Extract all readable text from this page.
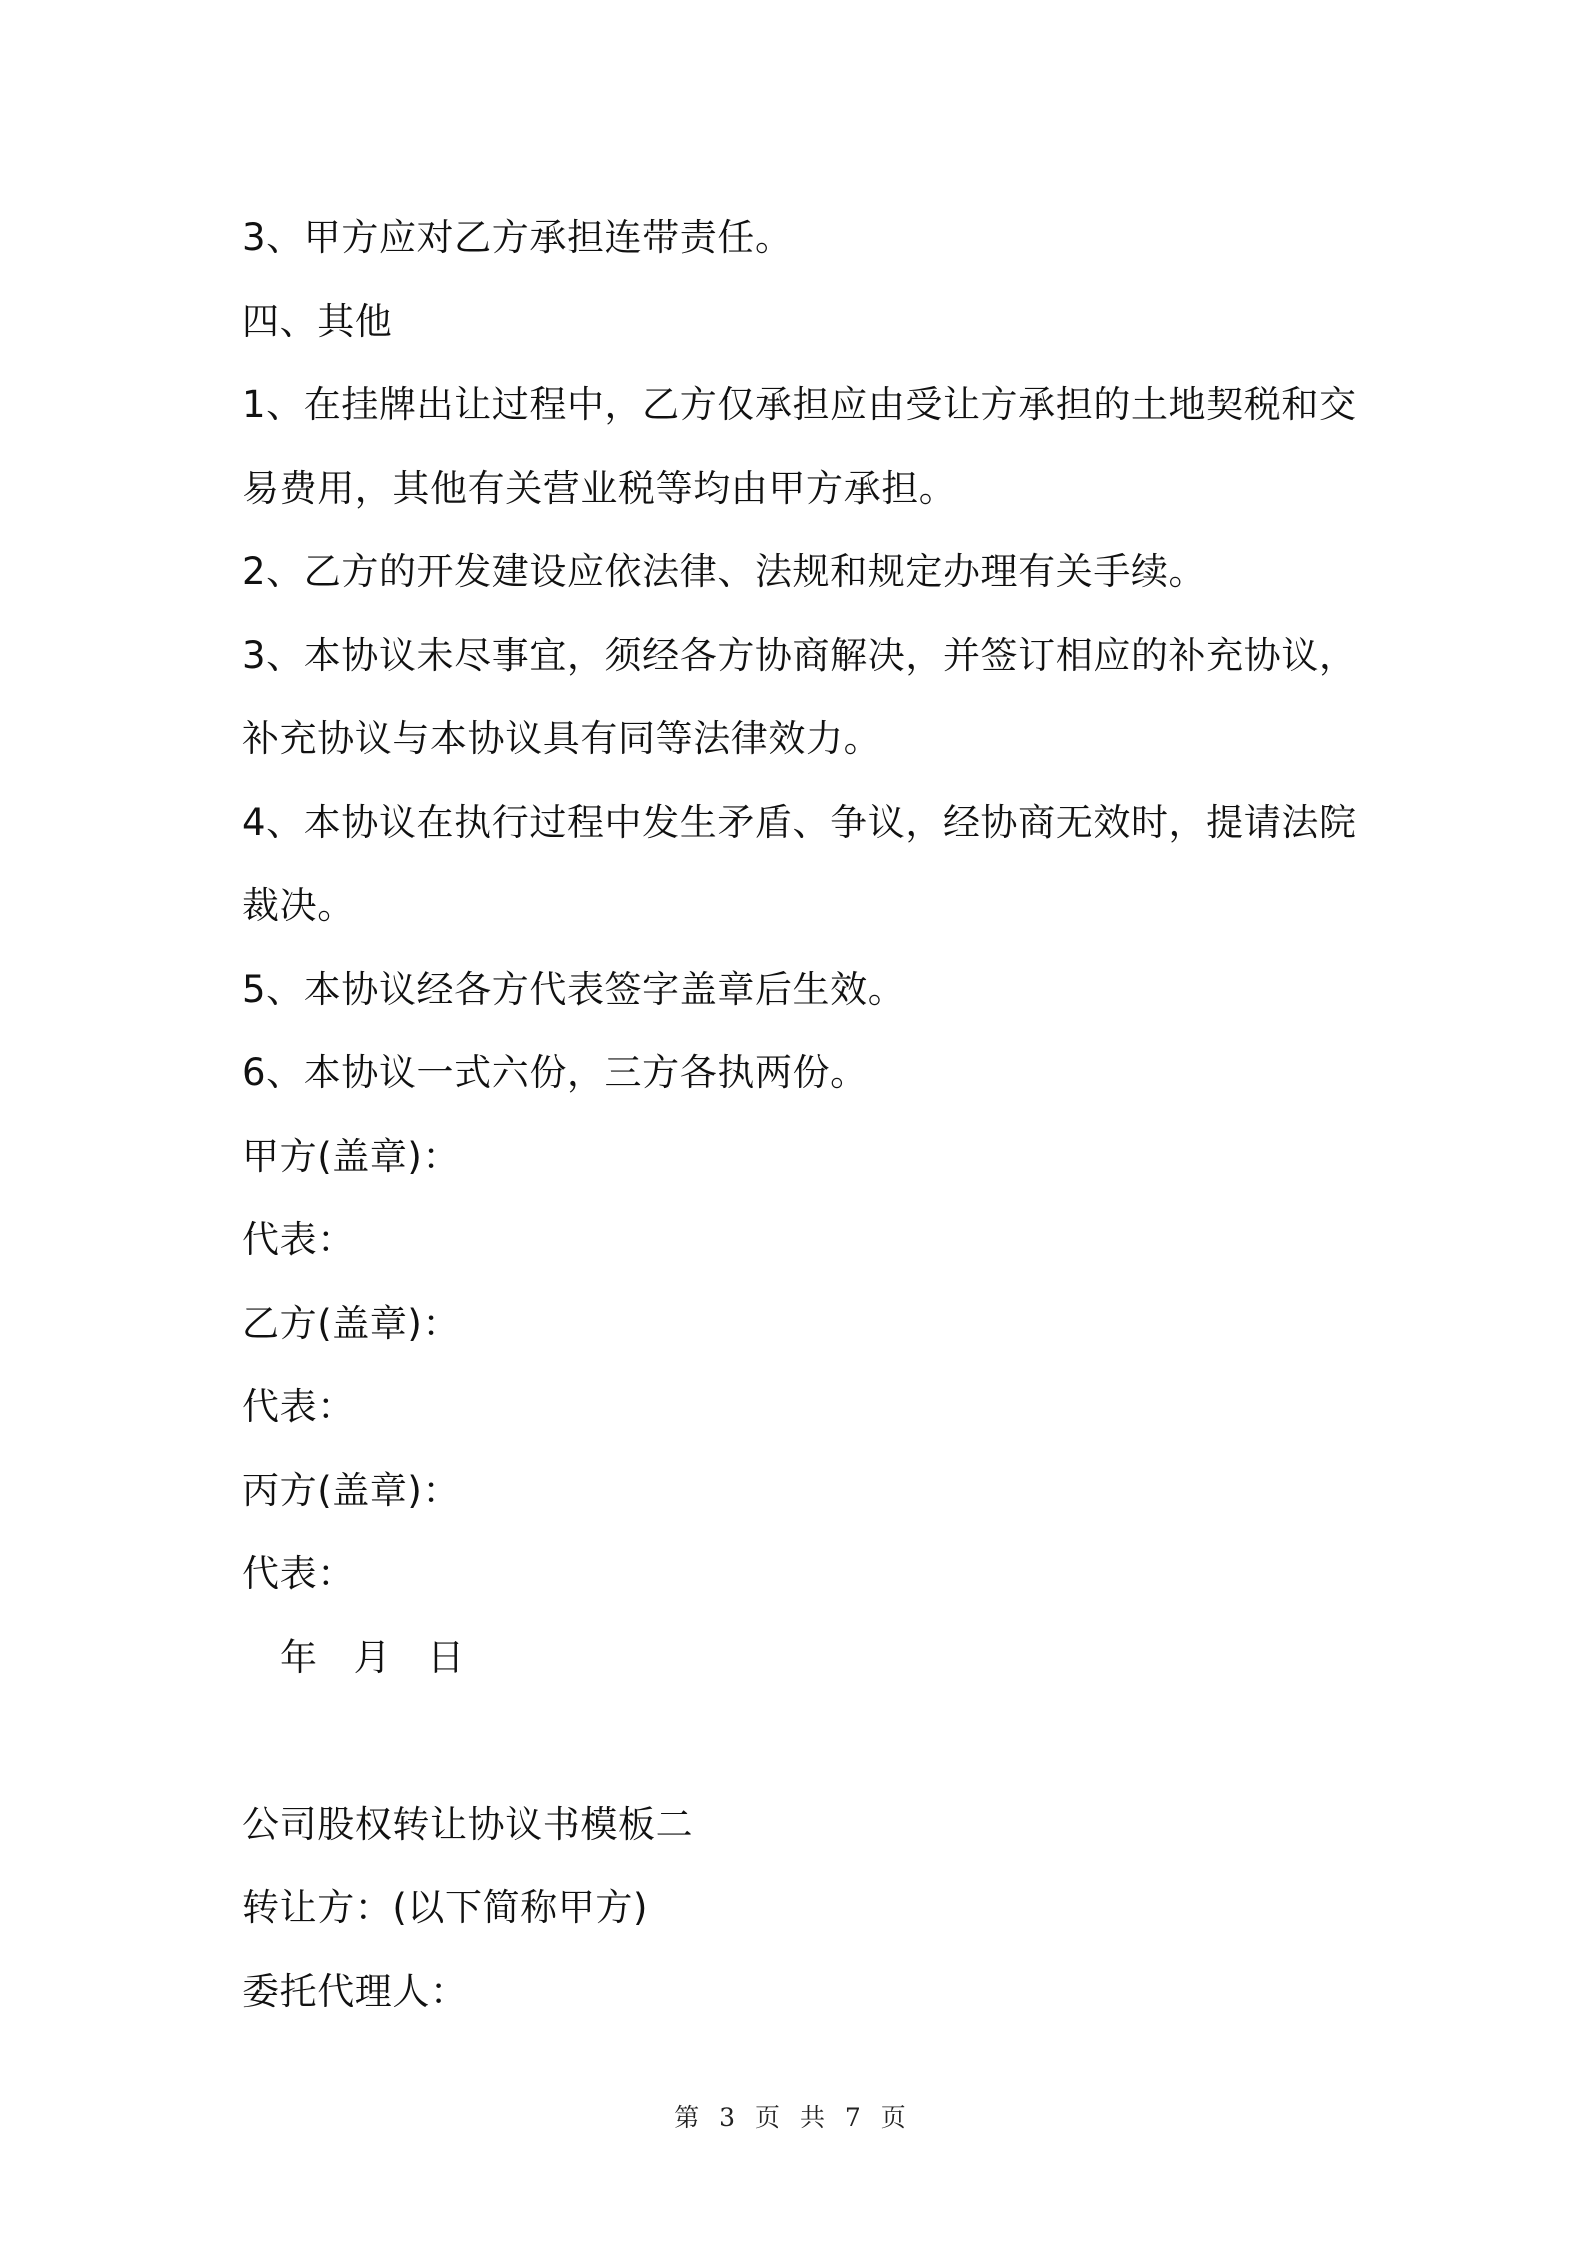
3、甲方应对乙方承担连带责任。
四、其他
1、在挂牌出让过程中，乙方仅承担应由受让方承担的土地契税和交
易费用，其他有关营业税等均由甲方承担。
2、乙方的开发建设应依法律、法规和规定办理有关手续。
3、本协议未尽事宜，须经各方协商解决，并签订相应的补充协议，
补充协议与本协议具有同等法律效力。
4、本协议在执行过程中发生矛盾、争议，经协商无效时，提请法院
裁决。
5、本协议经各方代表签字盖章后生效。
6、本协议一式六份，三方各执两份。
甲方(盖章)：
代表：
乙方(盖章)：
代表：
丙方(盖章)：
代表：
年 月 日
公司股权转让协议书模板二
转让方：(以下简称甲方)
委托代理人：
第 3 页 共 7 页
